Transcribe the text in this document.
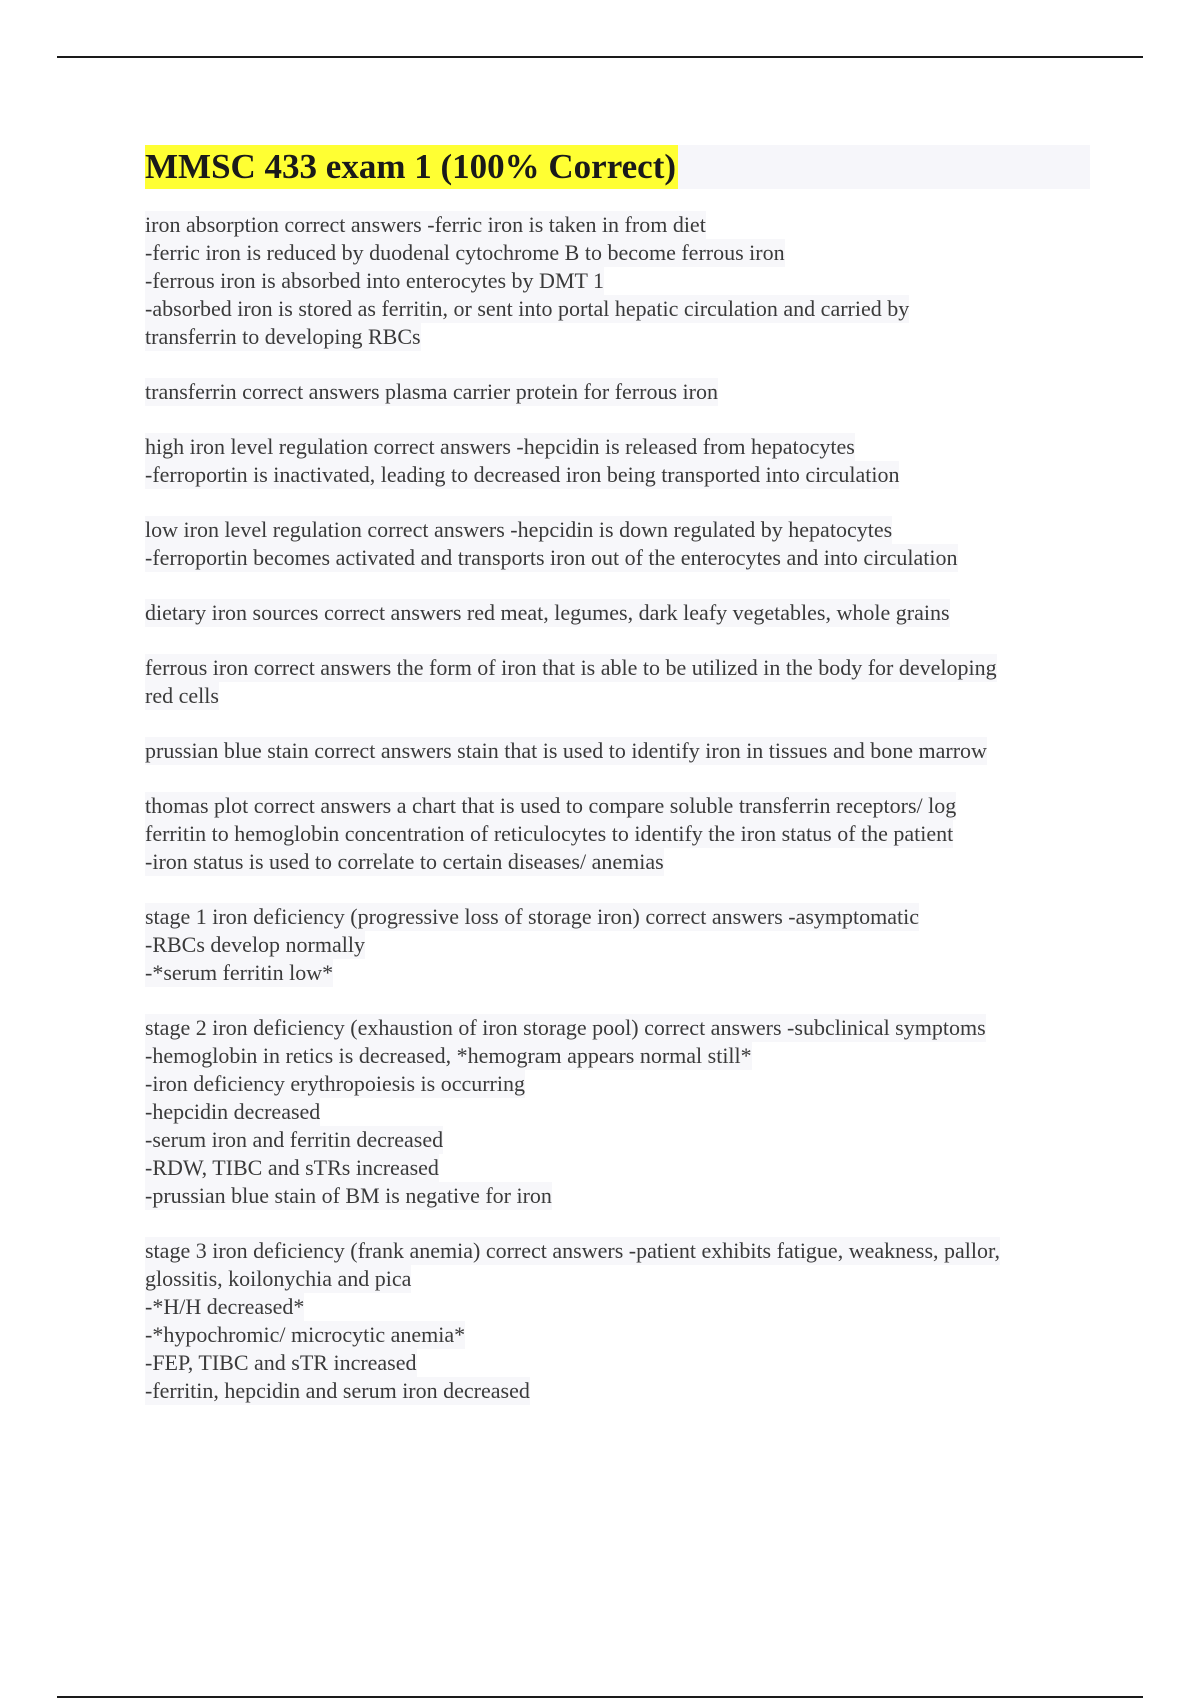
MMSC 433 exam 1 (100% Correct)
iron absorption correct answers -ferric iron is taken in from diet
-ferric iron is reduced by duodenal cytochrome B to become ferrous iron
-ferrous iron is absorbed into enterocytes by DMT 1
-absorbed iron is stored as ferritin, or sent into portal hepatic circulation and carried by
transferrin to developing RBCs
transferrin correct answers plasma carrier protein for ferrous iron
high iron level regulation correct answers -hepcidin is released from hepatocytes
-ferroportin is inactivated, leading to decreased iron being transported into circulation
low iron level regulation correct answers -hepcidin is down regulated by hepatocytes
-ferroportin becomes activated and transports iron out of the enterocytes and into circulation
dietary iron sources correct answers red meat, legumes, dark leafy vegetables, whole grains
ferrous iron correct answers the form of iron that is able to be utilized in the body for developing
red cells
prussian blue stain correct answers stain that is used to identify iron in tissues and bone marrow
thomas plot correct answers a chart that is used to compare soluble transferrin receptors/ log
ferritin to hemoglobin concentration of reticulocytes to identify the iron status of the patient
-iron status is used to correlate to certain diseases/ anemias
stage 1 iron deficiency (progressive loss of storage iron) correct answers -asymptomatic
-RBCs develop normally
-*serum ferritin low*
stage 2 iron deficiency (exhaustion of iron storage pool) correct answers -subclinical symptoms
-hemoglobin in retics is decreased, *hemogram appears normal still*
-iron deficiency erythropoiesis is occurring
-hepcidin decreased
-serum iron and ferritin decreased
-RDW, TIBC and sTRs increased
-prussian blue stain of BM is negative for iron
stage 3 iron deficiency (frank anemia) correct answers -patient exhibits fatigue, weakness, pallor,
glossitis, koilonychia and pica
-*H/H decreased*
-*hypochromic/ microcytic anemia*
-FEP, TIBC and sTR increased
-ferritin, hepcidin and serum iron decreased
